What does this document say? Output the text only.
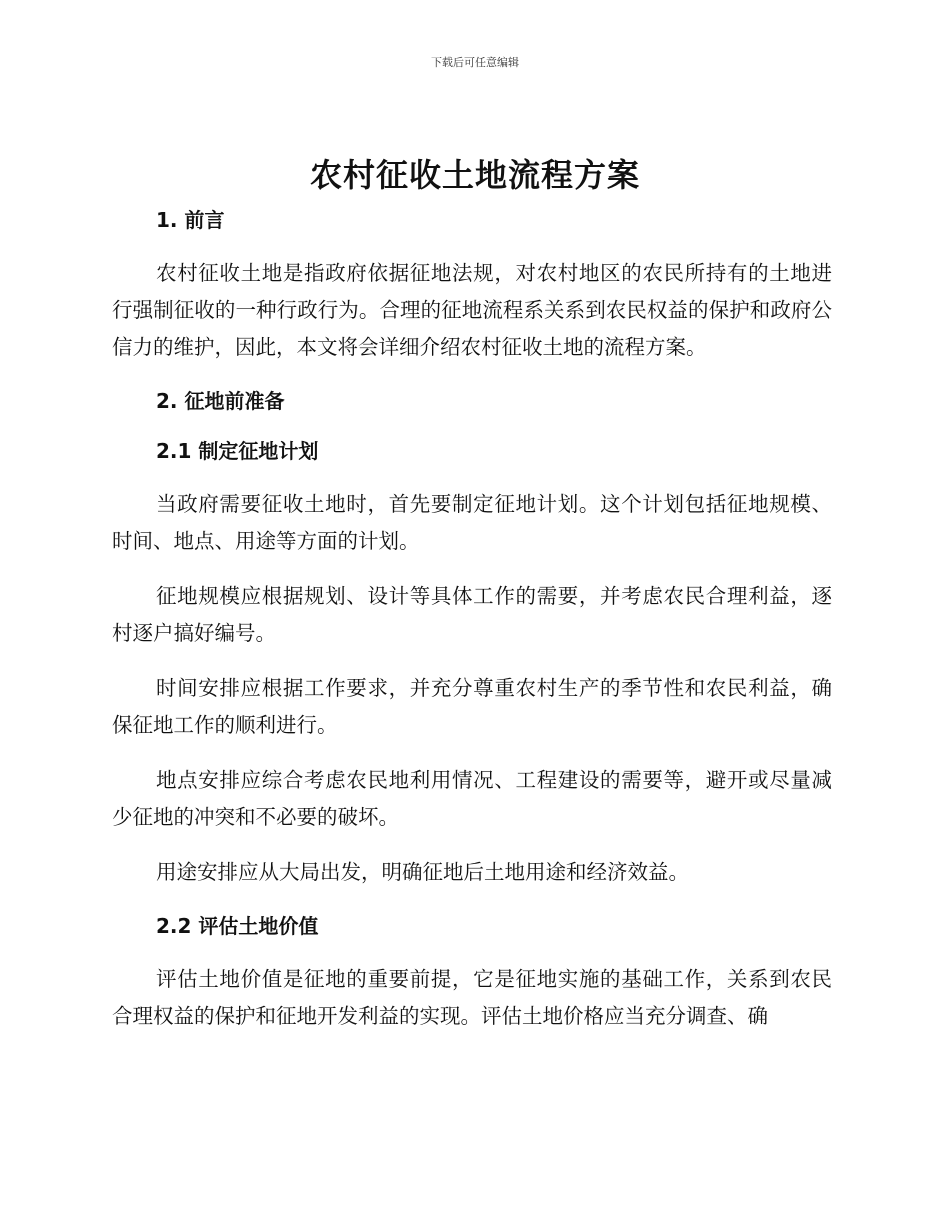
下载后可任意编辑
农村征收土地流程方案
1. 前言

农村征收土地是指政府依据征地法规，对农村地区的农民所持有的土地进行强制征收的一种行政行为。合理的征地流程系关系到农民权益的保护和政府公信力的维护，因此，本文将会详细介绍农村征收土地的流程方案。

2. 征地前准备
2.1 制定征地计划

当政府需要征收土地时，首先要制定征地计划。这个计划包括征地规模、时间、地点、用途等方面的计划。

征地规模应根据规划、设计等具体工作的需要，并考虑农民合理利益，逐村逐户搞好编号。

时间安排应根据工作要求，并充分尊重农村生产的季节性和农民利益，确保征地工作的顺利进行。

地点安排应综合考虑农民地利用情况、工程建设的需要等，避开或尽量减少征地的冲突和不必要的破坏。

用途安排应从大局出发，明确征地后土地用途和经济效益。

2.2 评估土地价值

评估土地价值是征地的重要前提，它是征地实施的基础工作，关系到农民合理权益的保护和征地开发利益的实现。评估土地价格应当充分调查、确
